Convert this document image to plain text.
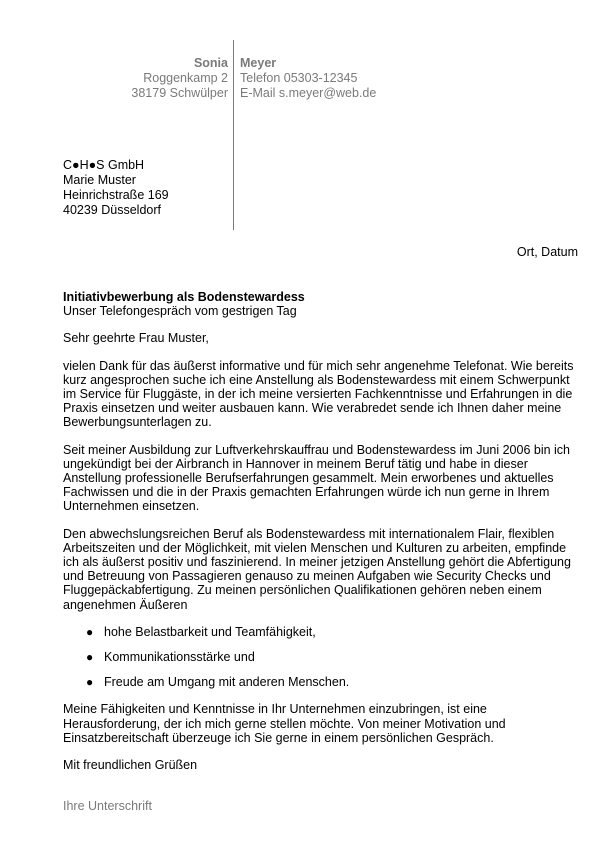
Sonia
Roggenkamp 2
38179 Schwülper
Meyer
Telefon 05303-12345
E-Mail s.meyer@web.de
C●H●S GmbH
Marie Muster
Heinrichstraße 169
40239 Düsseldorf
Ort, Datum
Initiativbewerbung als Bodenstewardess
Unser Telefongespräch vom gestrigen Tag
Sehr geehrte Frau Muster,
vielen Dank für das äußerst informative und für mich sehr angenehme Telefonat. Wie bereits kurz angesprochen suche ich eine Anstellung als Bodenstewardess mit einem Schwerpunkt im Service für Fluggäste, in der ich meine versierten Fachkenntnisse und Erfahrungen in die Praxis einsetzen und weiter ausbauen kann. Wie verabredet sende ich Ihnen daher meine Bewerbungsunterlagen zu.
Seit meiner Ausbildung zur Luftverkehrskauffrau und Bodenstewardess im Juni 2006 bin ich ungekündigt bei der Airbranch in Hannover in meinem Beruf tätig und habe in dieser Anstellung professionelle Berufserfahrungen gesammelt. Mein erworbenes und aktuelles Fachwissen und die in der Praxis gemachten Erfahrungen würde ich nun gerne in Ihrem Unternehmen einsetzen.
Den abwechslungsreichen Beruf als Bodenstewardess mit internationalem Flair, flexiblen Arbeitszeiten und der Möglichkeit, mit vielen Menschen und Kulturen zu arbeiten, empfinde ich als äußerst positiv und faszinierend. In meiner jetzigen Anstellung gehört die Abfertigung und Betreuung von Passagieren genauso zu meinen Aufgaben wie Security Checks und Fluggepäckabfertigung. Zu meinen persönlichen Qualifikationen gehören neben einem angenehmen Äußeren
● hohe Belastbarkeit und Teamfähigkeit,
● Kommunikationsstärke und
● Freude am Umgang mit anderen Menschen.
Meine Fähigkeiten und Kenntnisse in Ihr Unternehmen einzubringen, ist eine Herausforderung, der ich mich gerne stellen möchte. Von meiner Motivation und Einsatzbereitschaft überzeuge ich Sie gerne in einem persönlichen Gespräch.
Mit freundlichen Grüßen
Ihre Unterschrift
